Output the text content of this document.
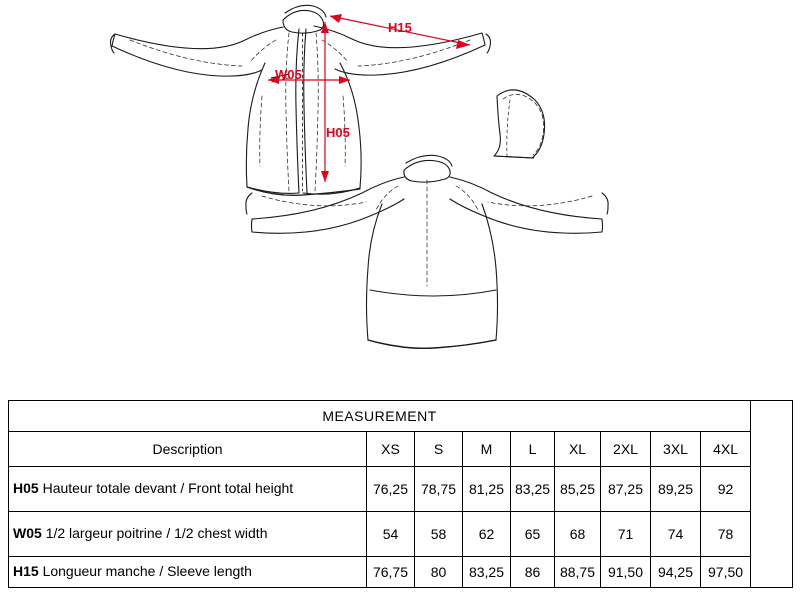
H15
W05
H05
MEASUREMENT									
Description	XS	S	M	L	XL	2XL	3XL	4XL	
H05 Hauteur totale devant / Front total height	76,25	78,75	81,25	83,25	85,25	87,25	89,25	92	
W05 1/2 largeur poitrine / 1/2 chest width	54	58	62	65	68	71	74	78	
H15 Longueur manche / Sleeve length	76,75	80	83,25	86	88,75	91,50	94,25	97,50	
